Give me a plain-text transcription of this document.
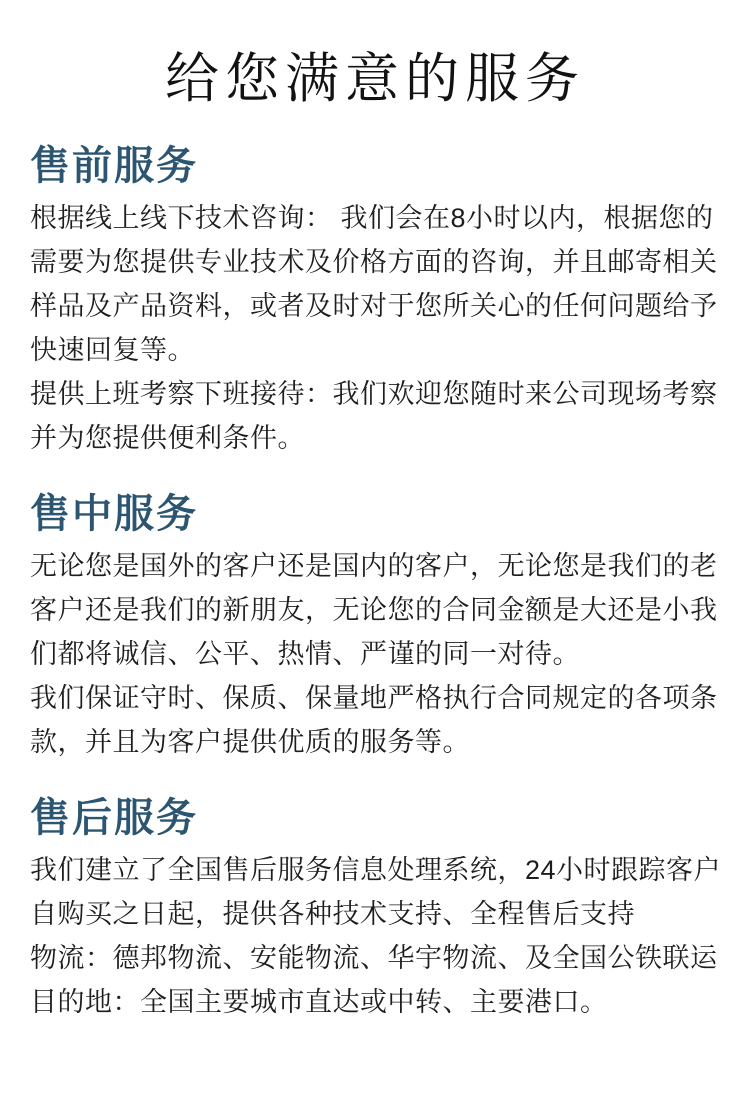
给您满意的服务
售前服务
根据线上线下技术咨询： 我们会在8小时以内，根据您的
需要为您提供专业技术及价格方面的咨询，并且邮寄相关
样品及产品资料，或者及时对于您所关心的任何问题给予
快速回复等。
提供上班考察下班接待：我们欢迎您随时来公司现场考察
并为您提供便利条件。
售中服务
无论您是国外的客户还是国内的客户，无论您是我们的老
客户还是我们的新朋友，无论您的合同金额是大还是小我
们都将诚信、公平、热情、严谨的同一对待。
我们保证守时、保质、保量地严格执行合同规定的各项条
款，并且为客户提供优质的服务等。
售后服务
我们建立了全国售后服务信息处理系统，24小时跟踪客户
自购买之日起，提供各种技术支持、全程售后支持
物流：德邦物流、安能物流、华宇物流、及全国公铁联运
目的地：全国主要城市直达或中转、主要港口。
